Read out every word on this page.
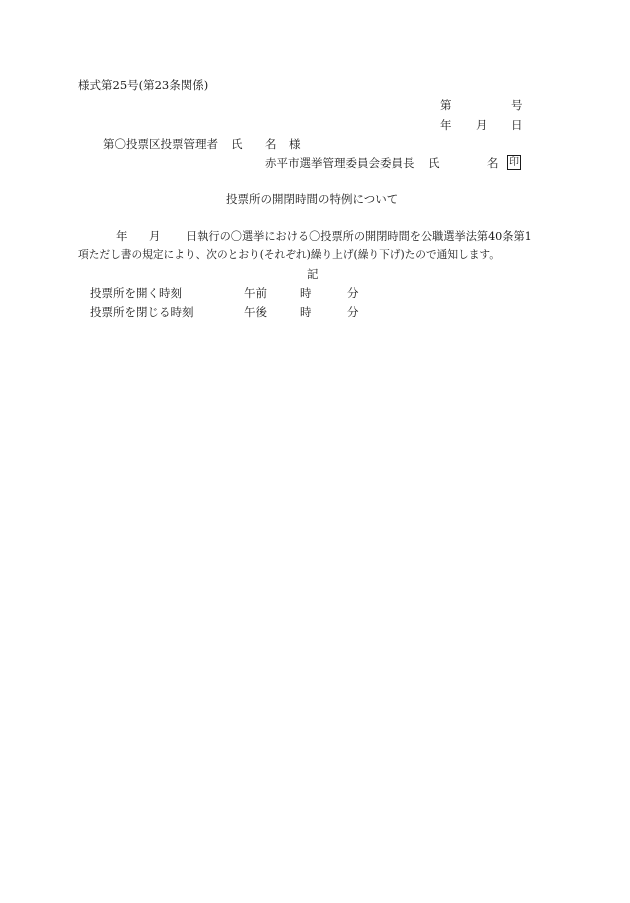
様式第25号(第23条関係)
第	号
年 月 日
第〇投票区投票管理者 氏 名 様
赤平市選挙管理委員会委員長 氏	名 印
投票所の開閉時間の特例について
年 月 日執行の〇選挙における〇投票所の開閉時間を公職選挙法第40条第1
項ただし書の規定により、次のとおり(それぞれ)繰り上げ(繰り下げ)たので通知します。
記
投票所を開く時刻	午前	時	分
投票所を閉じる時刻	午後	時	分
